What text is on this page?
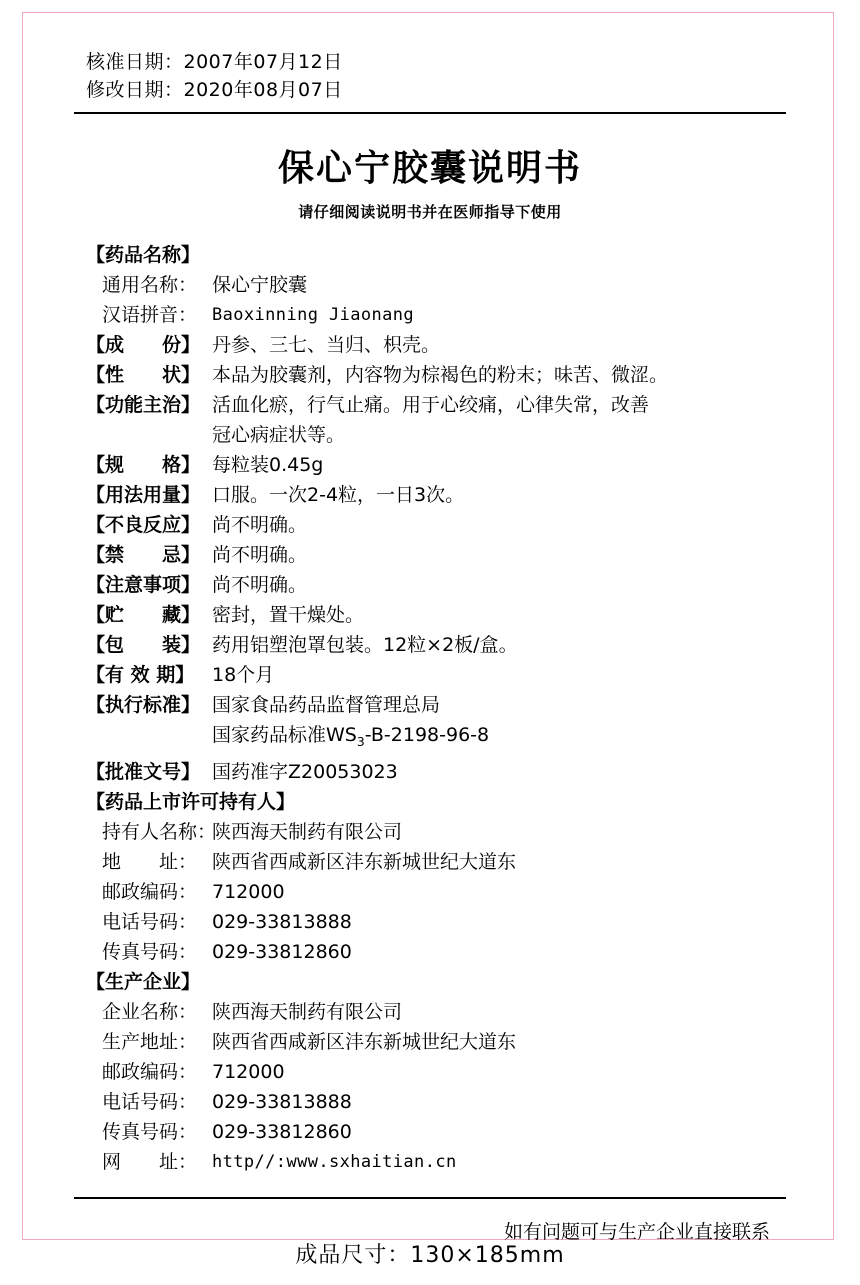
核准日期：2007年07月12日
修改日期：2020年08月07日
保心宁胶囊说明书
请仔细阅读说明书并在医师指导下使用
【药品名称】
通用名称： 保心宁胶囊
汉语拼音： Baoxinning Jiaonang
【成　　份】 丹参、三七、当归、枳壳。
【性　　状】 本品为胶囊剂，内容物为棕褐色的粉末；味苦、微涩。
【功能主治】 活血化瘀，行气止痛。用于心绞痛，心律失常，改善
冠心病症状等。
【规　　格】 每粒装0.45g
【用法用量】 口服。一次2-4粒，一日3次。
【不良反应】 尚不明确。
【禁　　忌】 尚不明确。
【注意事项】 尚不明确。
【贮　　藏】 密封，置干燥处。
【包　　装】 药用铝塑泡罩包装。12粒×2板/盒。
【有 效 期】 18个月
【执行标准】 国家食品药品监督管理总局
国家药品标准$WS_3-B-2198-96-8$
【批准文号】 国药准字Z20053023
【药品上市许可持有人】
持有人名称：
陕西海天制药有限公司
地　　址： 陕西省西咸新区沣东新城世纪大道东
邮政编码： 712000
电话号码： 029-33813888
传真号码： 029-33812860
【生产企业】
企业名称： 陕西海天制药有限公司
生产地址： 陕西省西咸新区沣东新城世纪大道东
邮政编码： 712000
电话号码： 029-33813888
传真号码： 029-33812860
网　　址： http//:www.sxhaitian.cn
如有问题可与生产企业直接联系
成品尺寸：130×185mm
